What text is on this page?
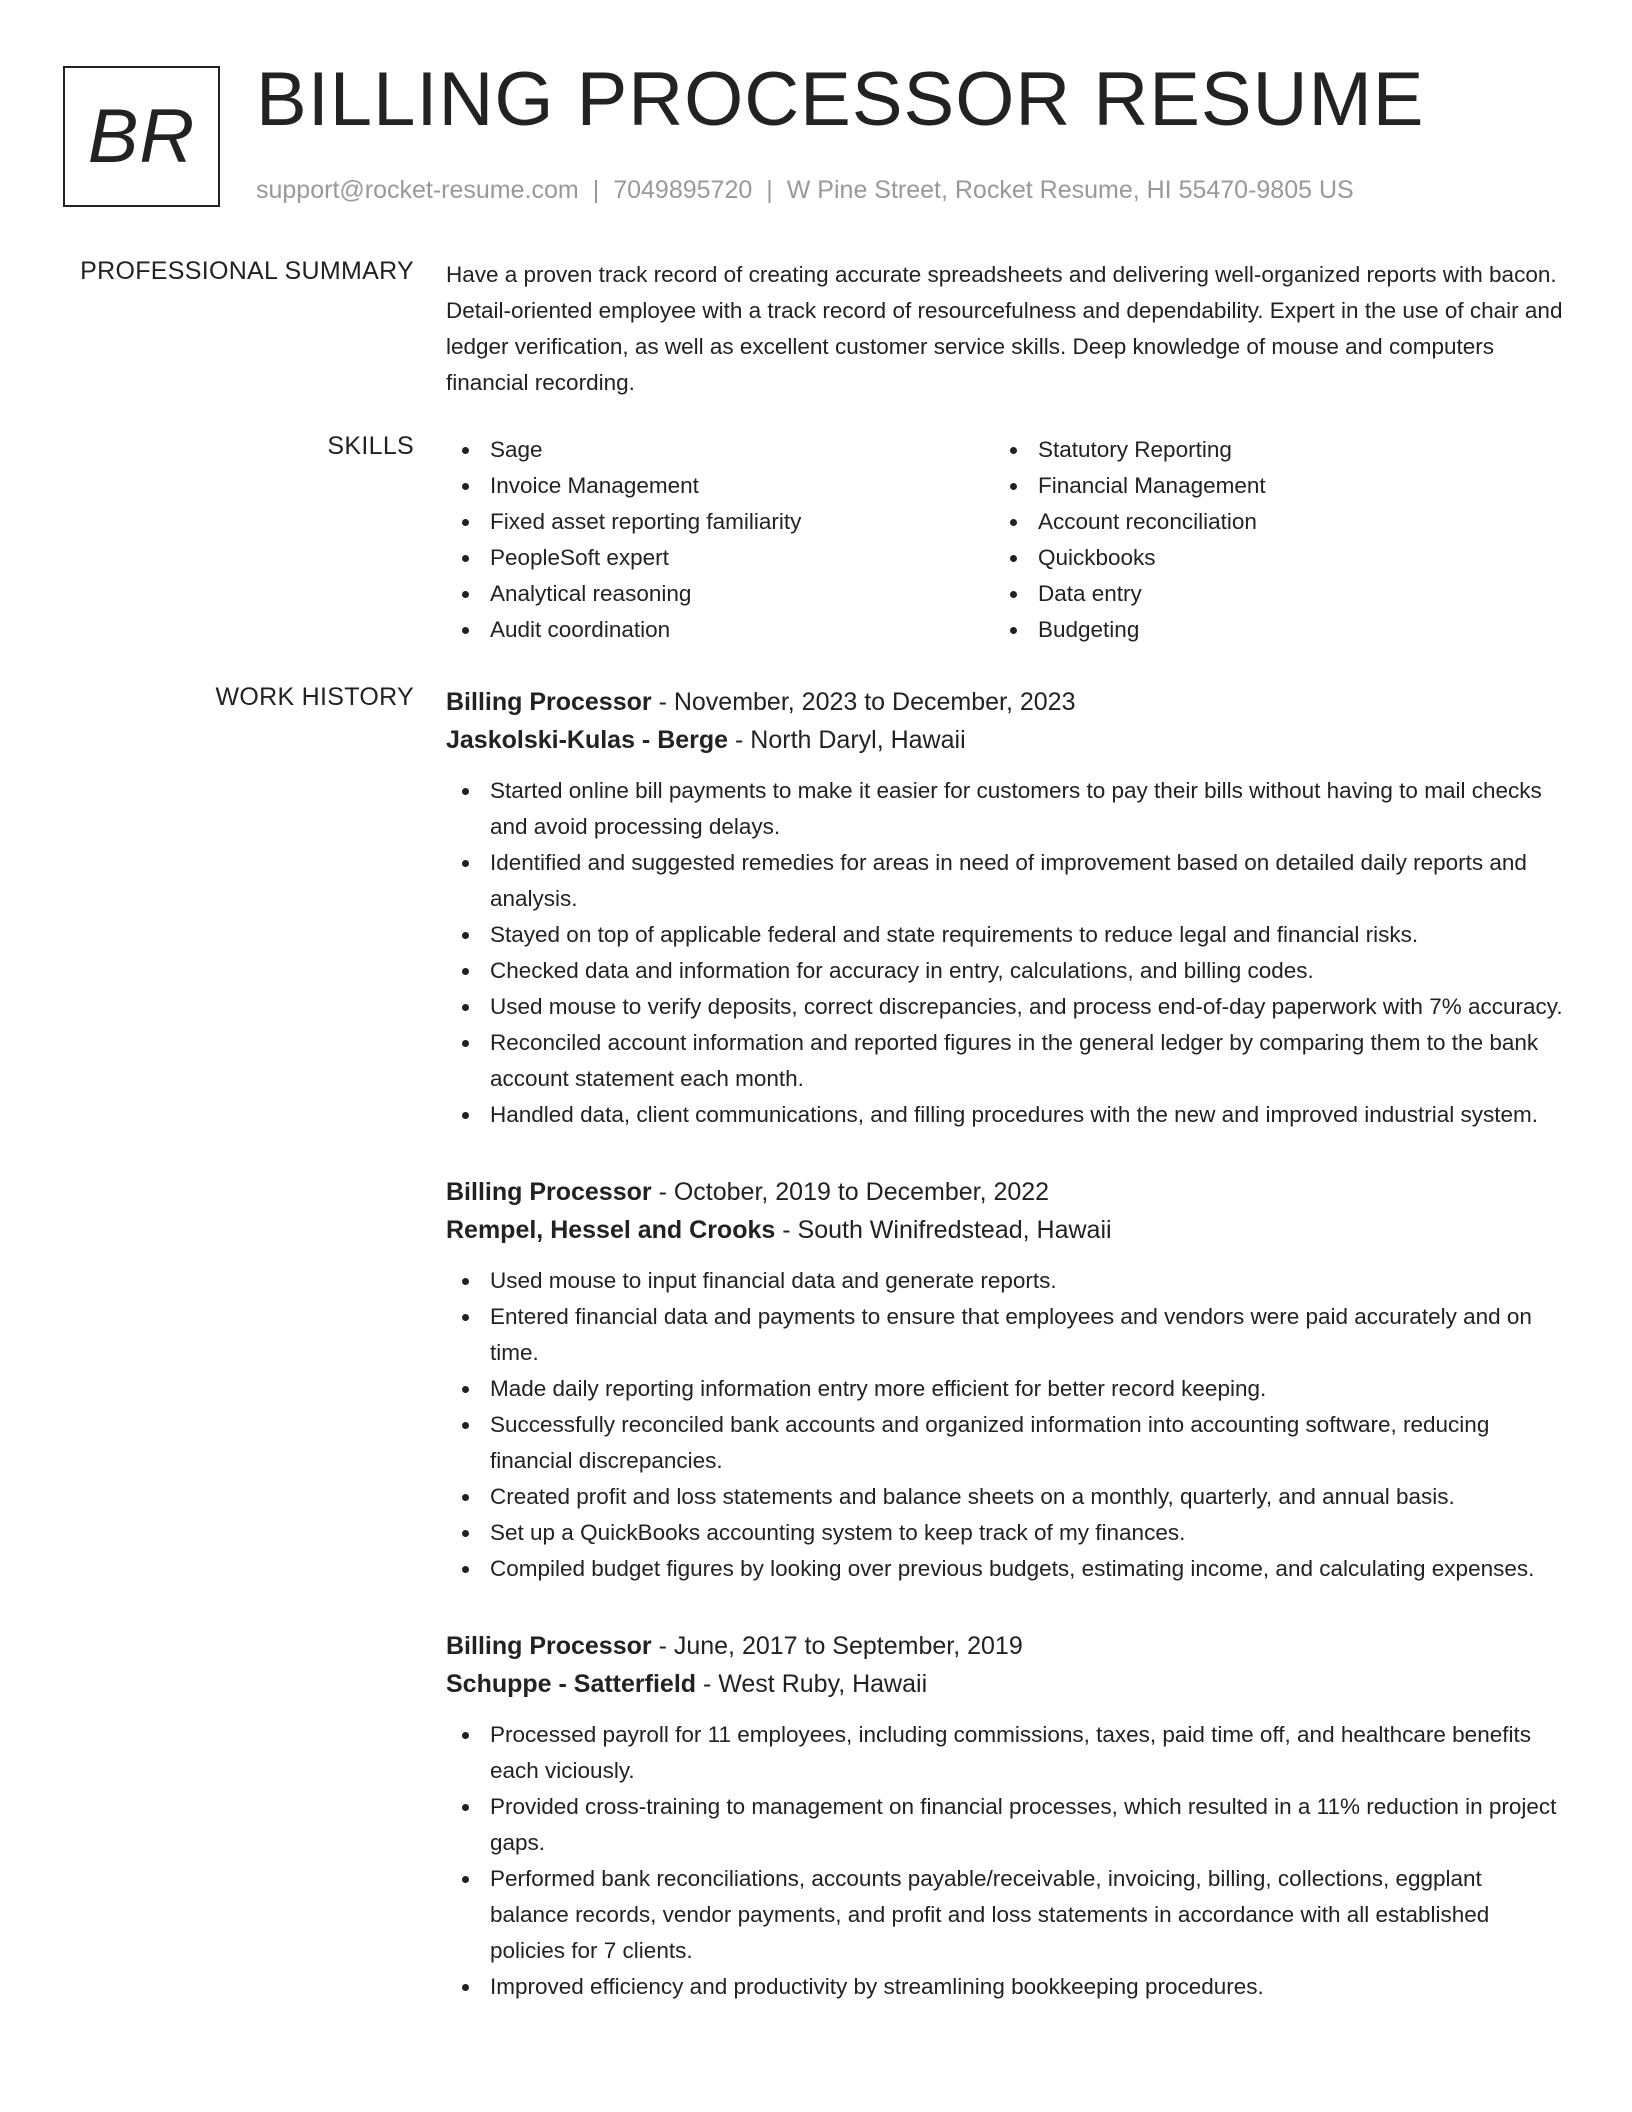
BR BILLING PROCESSOR RESUME
support@rocket-resume.com | 7049895720 | W Pine Street, Rocket Resume, HI 55470-9805 US
PROFESSIONAL SUMMARY Have a proven track record of creating accurate spreadsheets and delivering well-organized reports with bacon. Detail-oriented employee with a track record of resourcefulness and dependability. Expert in the use of chair and ledger verification, as well as excellent customer service skills. Deep knowledge of mouse and computers financial recording.

SKILLS	Sage
Invoice Management
Fixed asset reporting familiarity
PeopleSoft expert
Analytical reasoning
Audit coordination
Statutory Reporting
Financial Management
Account reconciliation
Quickbooks
Data entry
Budgeting
WORK HISTORY Billing Processor - November, 2023 to December, 2023
Jaskolski-Kulas - Berge - North Daryl, Hawaii
Started online bill payments to make it easier for customers to pay their bills without having to mail checks and avoid processing delays.
Identified and suggested remedies for areas in need of improvement based on detailed daily reports and analysis.
Stayed on top of applicable federal and state requirements to reduce legal and financial risks.
Checked data and information for accuracy in entry, calculations, and billing codes.
Used mouse to verify deposits, correct discrepancies, and process end-of-day paperwork with 7% accuracy.
Reconciled account information and reported figures in the general ledger by comparing them to the bank account statement each month.
Handled data, client communications, and filling procedures with the new and improved industrial system.
Billing Processor - October, 2019 to December, 2022
Rempel, Hessel and Crooks - South Winifredstead, Hawaii
Used mouse to input financial data and generate reports.
Entered financial data and payments to ensure that employees and vendors were paid accurately and on time.
Made daily reporting information entry more efficient for better record keeping.
Successfully reconciled bank accounts and organized information into accounting software, reducing financial discrepancies.
Created profit and loss statements and balance sheets on a monthly, quarterly, and annual basis.
Set up a QuickBooks accounting system to keep track of my finances.
Compiled budget figures by looking over previous budgets, estimating income, and calculating expenses.
Billing Processor - June, 2017 to September, 2019
Schuppe - Satterfield - West Ruby, Hawaii
Processed payroll for 11 employees, including commissions, taxes, paid time off, and healthcare benefits each viciously.
Provided cross-training to management on financial processes, which resulted in a 11% reduction in project gaps.
Performed bank reconciliations, accounts payable/receivable, invoicing, billing, collections, eggplant balance records, vendor payments, and profit and loss statements in accordance with all established policies for 7 clients.
Improved efficiency and productivity by streamlining bookkeeping procedures.
